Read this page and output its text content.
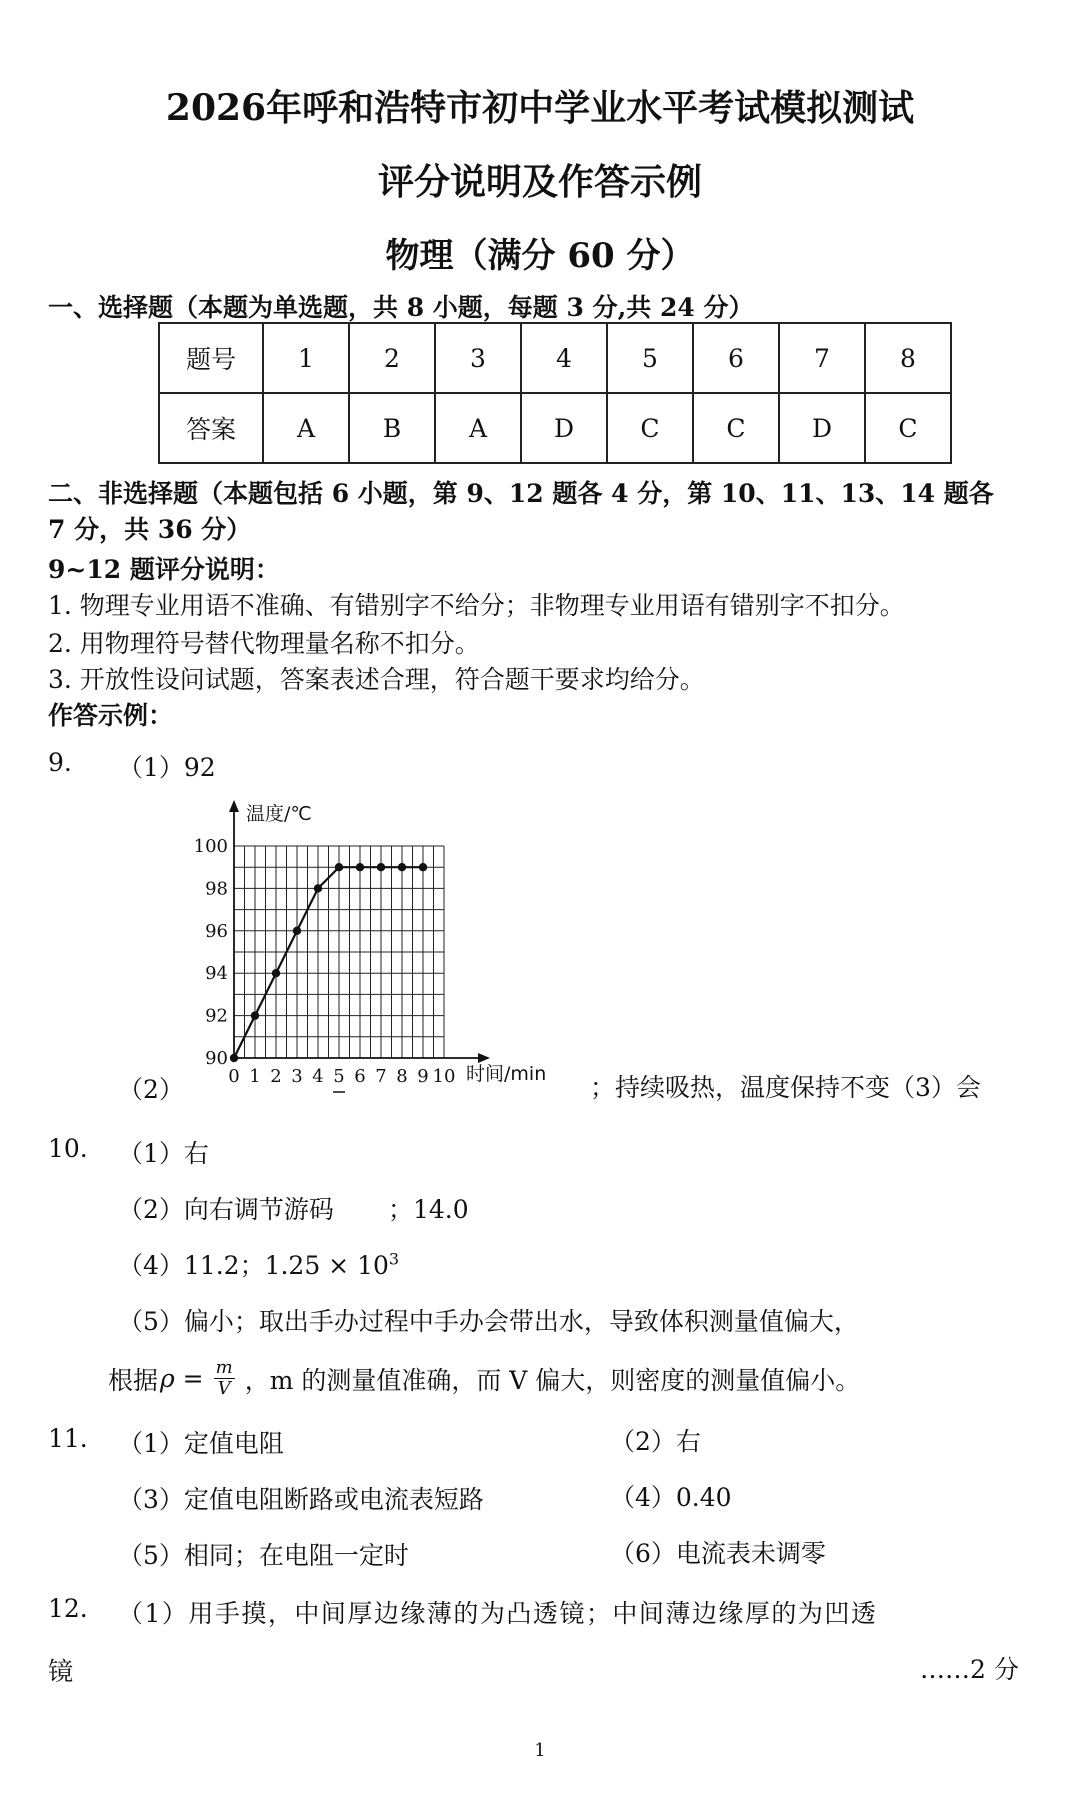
2026年呼和浩特市初中学业水平考试模拟测试
评分说明及作答示例
物理（满分 60 分）
一、选择题（本题为单选题，共 8 小题，每题 3 分,共 24 分）
题号	1	2	3	4	5	6	7	8
答案	A	B	A	D	C	C	D	C
二、非选择题（本题包括 6 小题，第 9、12 题各 4 分，第 10、11、13、14 题各
7 分，共 36 分）
9~12 题评分说明：
1. 物理专业用语不准确、有错别字不给分；非物理专业用语有错别字不扣分。
2. 用物理符号替代物理量名称不扣分。
3. 开放性设问试题，答案表述合理，符合题干要求均给分。
作答示例：
9. （1）92
90
92
94
96
98
100
0 1 2 3 4 5 6 7 8 9 10
温度/℃
时间/min
（2）	；持续吸热，温度保持不变（3）会
10. （1）右
（2）向右调节游码 ；14.0
（4）11.2；$1.25 \times 10^3$
（5）偏小；取出手办过程中手办会带出水，导致体积测量值偏大，
根据 $\rho = \frac{m}{V}$ ，m 的测量值准确，而 V 偏大，则密度的测量值偏小。
11. （1）定值电阻	（2）右
（3）定值电阻断路或电流表短路	（4）0.40
（5）相同；在电阻一定时	（6）电流表未调零
12. （1）用手摸，中间厚边缘薄的为凸透镜；中间薄边缘厚的为凹透
镜	……2 分
1
